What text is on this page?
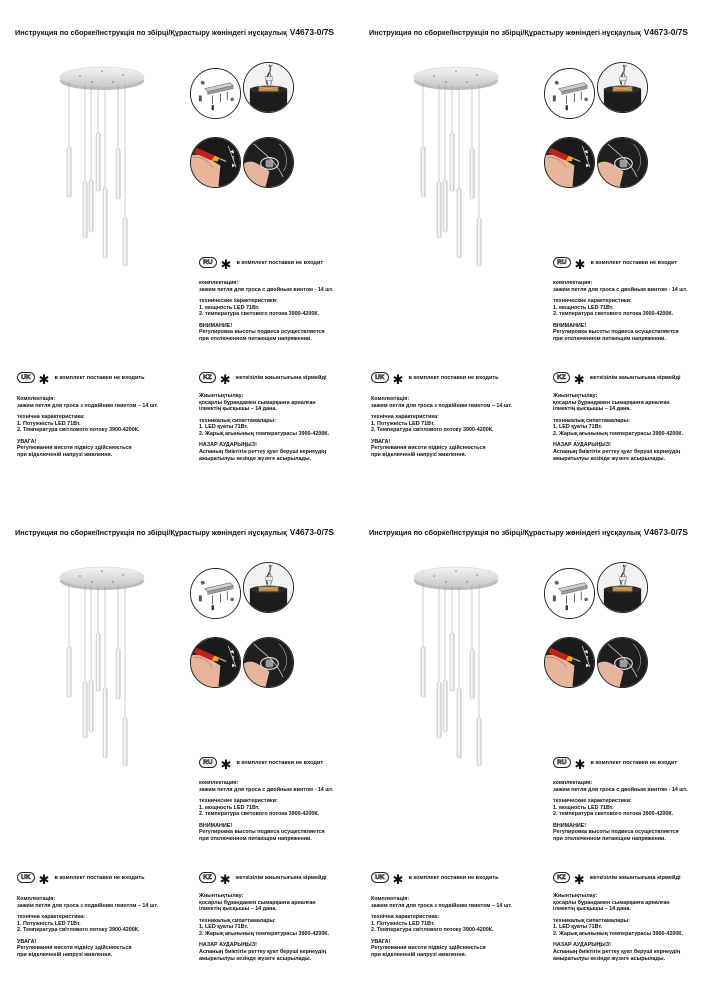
Инструкция по сборке/Інструкція по збірці/Құрастыру жөніндегі нұсқаулық V4673-0/7S
↕
RU ✱ в комплект поставки не входит
комплектация:
зажим петля для троса с двойным винтом - 14 шт.
технические характеристики:
1. мощность LED 71Вт.
2. температура светового потока 3900-4200К.
ВНИМАНИЕ!
Регулировка высоты подвеса осуществляется
при отключенном питающем напряжении.
UK ✱ в комплект поставки не входить
Комплектація:
зажим петля для троса з подвійним гвинтом – 14 шт.
технічна характеристика:
1. Потужність LED 71Вт.
2. Температура світлового потоку 3900-4200К.
УВАГА!
Регулювання висоти підвісу здійснюється
при відключеній напрузі живлення.
KZ ✱ жеткізілім жиынтығына кірмейді
Жиынтықтылау:
қосарлы бұрандамен сымарқанға арналған
ілмектің қысқышы – 14 дана.
техникалық сипаттамалары:
1. LED қуаты 71Вт.
2. Жарық ағынының температурасы 3900-4200К.
НАЗАР АУДАРЫҢЫЗ!
Аспаның биіктігін реттеу қуат беруші кернеудің
ажыратылуы кезінде жүзеге асырылады.
Инструкция по сборке/Інструкція по збірці/Құрастыру жөніндегі нұсқаулық V4673-0/7S
↕
RU ✱ в комплект поставки не входит
комплектация:
зажим петля для троса с двойным винтом - 14 шт.
технические характеристики:
1. мощность LED 71Вт.
2. температура светового потока 3900-4200К.
ВНИМАНИЕ!
Регулировка высоты подвеса осуществляется
при отключенном питающем напряжении.
UK ✱ в комплект поставки не входить
Комплектація:
зажим петля для троса з подвійним гвинтом – 14 шт.
технічна характеристика:
1. Потужність LED 71Вт.
2. Температура світлового потоку 3900-4200К.
УВАГА!
Регулювання висоти підвісу здійснюється
при відключеній напрузі живлення.
KZ ✱ жеткізілім жиынтығына кірмейді
Жиынтықтылау:
қосарлы бұрандамен сымарқанға арналған
ілмектің қысқышы – 14 дана.
техникалық сипаттамалары:
1. LED қуаты 71Вт.
2. Жарық ағынының температурасы 3900-4200К.
НАЗАР АУДАРЫҢЫЗ!
Аспаның биіктігін реттеу қуат беруші кернеудің
ажыратылуы кезінде жүзеге асырылады.
Инструкция по сборке/Інструкція по збірці/Құрастыру жөніндегі нұсқаулық V4673-0/7S
↕
RU ✱ в комплект поставки не входит
комплектация:
зажим петля для троса с двойным винтом - 14 шт.
технические характеристики:
1. мощность LED 71Вт.
2. температура светового потока 3900-4200К.
ВНИМАНИЕ!
Регулировка высоты подвеса осуществляется
при отключенном питающем напряжении.
UK ✱ в комплект поставки не входить
Комплектація:
зажим петля для троса з подвійним гвинтом – 14 шт.
технічна характеристика:
1. Потужність LED 71Вт.
2. Температура світлового потоку 3900-4200К.
УВАГА!
Регулювання висоти підвісу здійснюється
при відключеній напрузі живлення.
KZ ✱ жеткізілім жиынтығына кірмейді
Жиынтықтылау:
қосарлы бұрандамен сымарқанға арналған
ілмектің қысқышы – 14 дана.
техникалық сипаттамалары:
1. LED қуаты 71Вт.
2. Жарық ағынының температурасы 3900-4200К.
НАЗАР АУДАРЫҢЫЗ!
Аспаның биіктігін реттеу қуат беруші кернеудің
ажыратылуы кезінде жүзеге асырылады.
Инструкция по сборке/Інструкція по збірці/Құрастыру жөніндегі нұсқаулық V4673-0/7S
↕
RU ✱ в комплект поставки не входит
комплектация:
зажим петля для троса с двойным винтом - 14 шт.
технические характеристики:
1. мощность LED 71Вт.
2. температура светового потока 3900-4200К.
ВНИМАНИЕ!
Регулировка высоты подвеса осуществляется
при отключенном питающем напряжении.
UK ✱ в комплект поставки не входить
Комплектація:
зажим петля для троса з подвійним гвинтом – 14 шт.
технічна характеристика:
1. Потужність LED 71Вт.
2. Температура світлового потоку 3900-4200К.
УВАГА!
Регулювання висоти підвісу здійснюється
при відключеній напрузі живлення.
KZ ✱ жеткізілім жиынтығына кірмейді
Жиынтықтылау:
қосарлы бұрандамен сымарқанға арналған
ілмектің қысқышы – 14 дана.
техникалық сипаттамалары:
1. LED қуаты 71Вт.
2. Жарық ағынының температурасы 3900-4200К.
НАЗАР АУДАРЫҢЫЗ!
Аспаның биіктігін реттеу қуат беруші кернеудің
ажыратылуы кезінде жүзеге асырылады.
